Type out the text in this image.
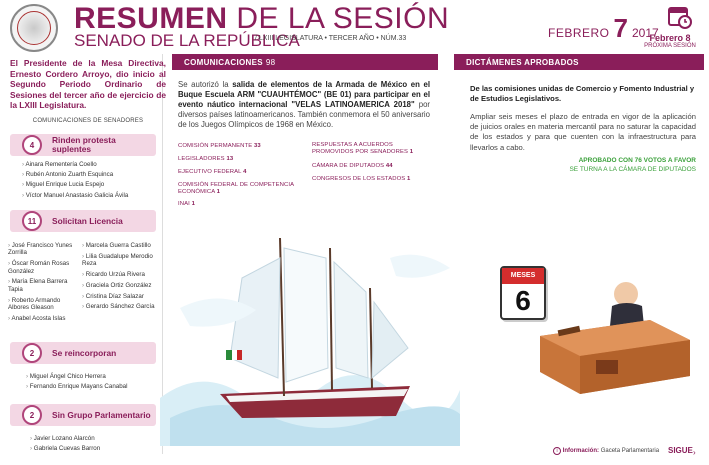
RESUMEN DE LA SESIÓN
SENADO DE LA REPÚBLICA
/ LXIII LEGISLATURA • TERCER AÑO • NÚM.33	FEBRERO 7 2017
Febrero 8
PRÓXIMA SESIÓN
El Presidente de la Mesa Directiva, Ernesto Cordero Arroyo, dio inicio al Segundo Periodo Ordinario de Sesiones del tercer año de ejercicio de la LXIII Legislatura.
COMUNICACIONES DE SENADORES
4	Rinden protesta suplentes
› Ainara Rementería Coello
› Rubén Antonio Zuarth Esquinca
› Miguel Enrique Lucia Espejo
› Víctor Manuel Anastasio Galicia Ávila
11	Solicitan Licencia
› José Francisco Yunes Zorrilla
› Óscar Román Rosas González
› María Elena Barrera Tapia
› Roberto Armando Albores Gleason
› Anabel Acosta Islas
› Marcela Guerra Castillo
› Lilia Guadalupe Merodio Reza
› Ricardo Urzúa Rivera
› Graciela Ortiz González
› Cristina Díaz Salazar
› Gerardo Sánchez García
2	Se reincorporan
› Miguel Ángel Chico Herrera
› Fernando Enrique Mayans Canabal
2	Sin Grupo Parlamentario
› Javier Lozano Alarcón
› Gabriela Cuevas Barron
COMUNICACIONES 98
Se autorizó la salida de elementos de la Armada de México en el Buque Escuela ARM "CUAUHTÉMOC" (BE 01) para participar en el evento náutico internacional "VELAS LATINOAMERICA 2018" por diversos países latinoamericanos. También conmemora el 50 aniversario de los Juegos Olímpicos de 1968 en México.
COMISIÓN PERMANENTE 33
LEGISLADORES 13
EJECUTIVO FEDERAL 4
COMISIÓN FEDERAL DE COMPETENCIA
ECONÓMICA 1
INAI 1
RESPUESTAS A ACUERDOS
PROMOVIDOS POR SENADORES 1
CÁMARA DE DIPUTADOS 44
CONGRESOS DE LOS ESTADOS 1
DICTÁMENES APROBADOS
De las comisiones unidas de Comercio y Fomento Industrial y de Estudios Legislativos.
Ampliar seis meses el plazo de entrada en vigor de la aplicación de juicios orales en materia mercantil para no saturar la capacidad de los estados y para que cuenten con la infraestructura para llevarlos a cabo.
APROBADO CON 76 VOTOS A FAVOR
SE TURNA A LA CÁMARA DE DIPUTADOS
MESES
6
i Información: Gaceta Parlamentaria SIGUE ›
